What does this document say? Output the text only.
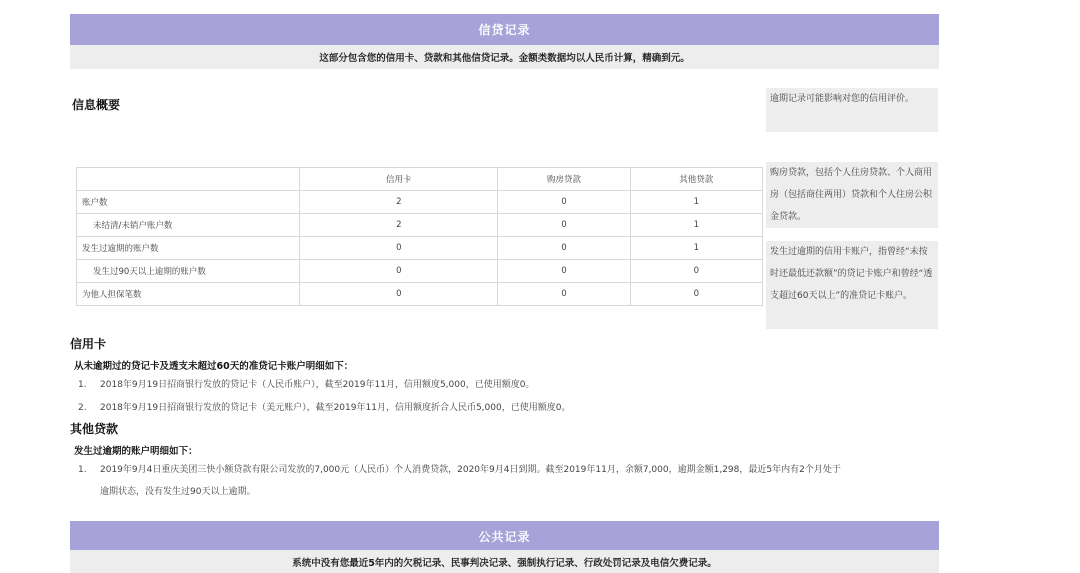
信贷记录
这部分包含您的信用卡、贷款和其他信贷记录。金额类数据均以人民币计算，精确到元。
信息概要	逾期记录可能影响对您的信用评价。
购房贷款，包括个人住房贷款、个人商用房（包括商住两用）贷款和个人住房公积金贷款。
发生过逾期的信用卡账户，指曾经“未按时还最低还款额”的贷记卡账户和曾经“透支超过60天以上”的准贷记卡账户。
	信用卡	购房贷款	其他贷款
账户数	2	0	1
未结清/未销户账户数	2	0	1
发生过逾期的账户数	0	0	1
发生过90天以上逾期的账户数	0	0	0
为他人担保笔数	0	0	0
信用卡
从未逾期过的贷记卡及透支未超过60天的准贷记卡账户明细如下：
1. 2018年9月19日招商银行发放的贷记卡（人民币账户），截至2019年11月，信用额度5,000，已使用额度0。
2. 2018年9月19日招商银行发放的贷记卡（美元账户），截至2019年11月，信用额度折合人民币5,000，已使用额度0。
其他贷款
发生过逾期的账户明细如下：
1. 2019年9月4日重庆美团三快小额贷款有限公司发放的7,000元（人民币）个人消费贷款，2020年9月4日到期。截至2019年11月，余额7,000，逾期金额1,298，最近5年内有2个月处于
逾期状态，没有发生过90天以上逾期。
公共记录
系统中没有您最近5年内的欠税记录、民事判决记录、强制执行记录、行政处罚记录及电信欠费记录。
